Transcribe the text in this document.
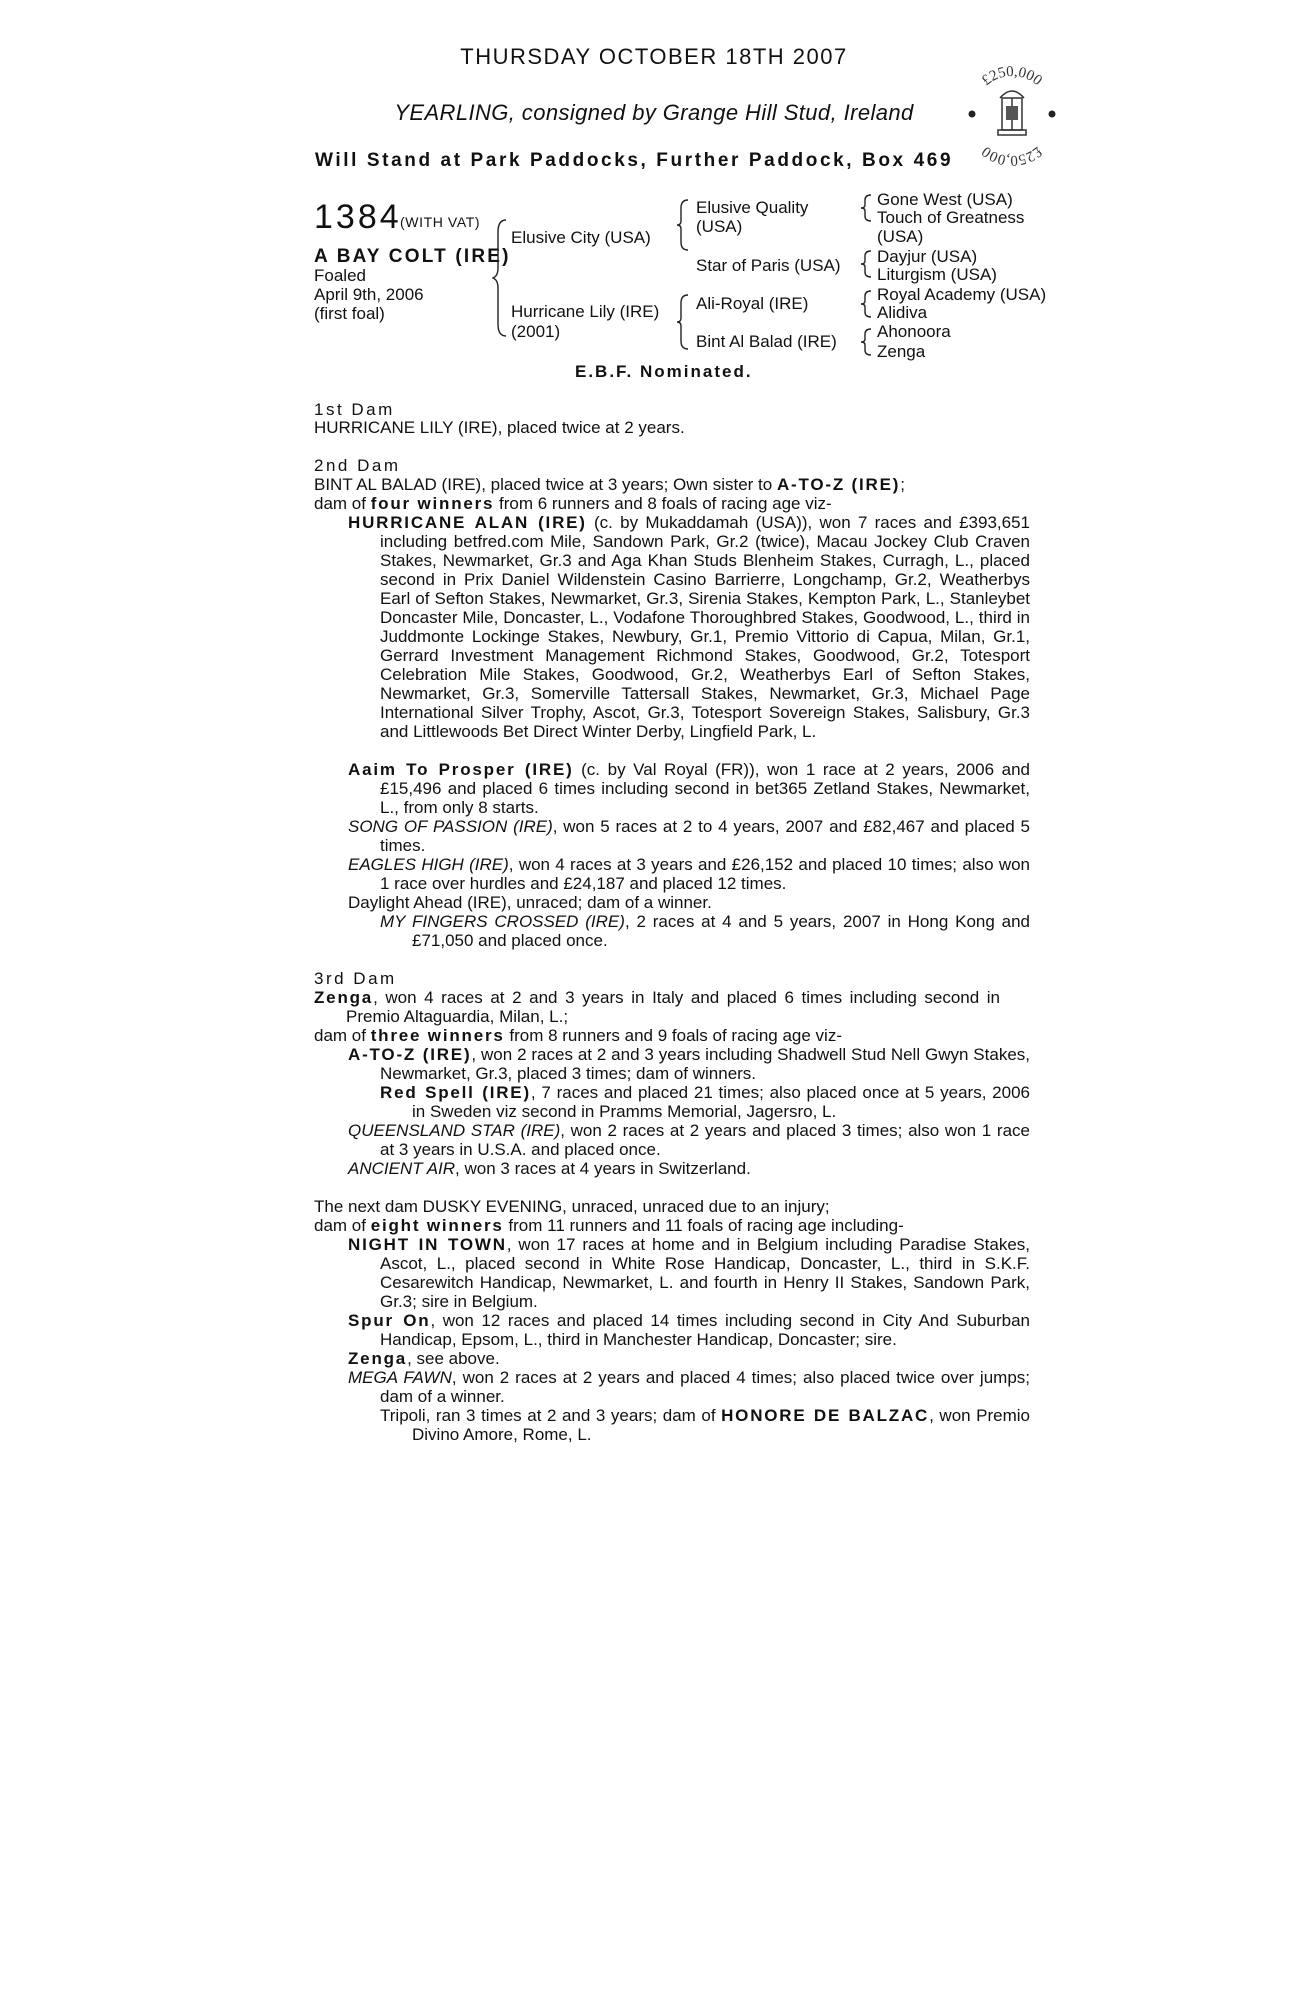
THURSDAY OCTOBER 18TH 2007
YEARLING, consigned by Grange Hill Stud, Ireland
Will Stand at Park Paddocks, Further Paddock, Box 469
£250,000
£250,000
1384
(WITH VAT)
A BAY COLT (IRE)
Foaled
April 9th, 2006
(first foal)
Elusive City (USA)
Hurricane Lily (IRE)
(2001)
Elusive Quality
(USA)
Star of Paris (USA)
Ali-Royal (IRE)
Bint Al Balad (IRE)
Gone West (USA)
Touch of Greatness
(USA)
Dayjur (USA)
Liturgism (USA)
Royal Academy (USA)
Alidiva
Ahonoora
Zenga
E.B.F. Nominated.
1st Dam
HURRICANE LILY (IRE), placed twice at 2 years.
2nd Dam
BINT AL BALAD (IRE), placed twice at 3 years; Own sister to A-TO-Z (IRE);
dam of four winners from 6 runners and 8 foals of racing age viz-
HURRICANE ALAN (IRE) (c. by Mukaddamah (USA)), won 7 races and £393,651 including betfred.com Mile, Sandown Park, Gr.2 (twice), Macau Jockey Club Craven Stakes, Newmarket, Gr.3 and Aga Khan Studs Blenheim Stakes, Curragh, L., placed second in Prix Daniel Wildenstein Casino Barrierre, Longchamp, Gr.2, Weatherbys Earl of Sefton Stakes, Newmarket, Gr.3, Sirenia Stakes, Kempton Park, L., Stanleybet Doncaster Mile, Doncaster, L., Vodafone Thoroughbred Stakes, Goodwood, L., third in Juddmonte Lockinge Stakes, Newbury, Gr.1, Premio Vittorio di Capua, Milan, Gr.1, Gerrard Investment Management Richmond Stakes, Goodwood, Gr.2, Totesport Celebration Mile Stakes, Goodwood, Gr.2, Weatherbys Earl of Sefton Stakes, Newmarket, Gr.3, Somerville Tattersall Stakes, Newmarket, Gr.3, Michael Page International Silver Trophy, Ascot, Gr.3, Totesport Sovereign Stakes, Salisbury, Gr.3 and Littlewoods Bet Direct Winter Derby, Lingfield Park, L.
Aaim To Prosper (IRE) (c. by Val Royal (FR)), won 1 race at 2 years, 2006 and £15,496 and placed 6 times including second in bet365 Zetland Stakes, Newmarket, L., from only 8 starts.
SONG OF PASSION (IRE), won 5 races at 2 to 4 years, 2007 and £82,467 and placed 5 times.
EAGLES HIGH (IRE), won 4 races at 3 years and £26,152 and placed 10 times; also won 1 race over hurdles and £24,187 and placed 12 times.
Daylight Ahead (IRE), unraced; dam of a winner.
MY FINGERS CROSSED (IRE), 2 races at 4 and 5 years, 2007 in Hong Kong and £71,050 and placed once.
3rd Dam
Zenga, won 4 races at 2 and 3 years in Italy and placed 6 times including second in Premio Altaguardia, Milan, L.;
dam of three winners from 8 runners and 9 foals of racing age viz-
A-TO-Z (IRE), won 2 races at 2 and 3 years including Shadwell Stud Nell Gwyn Stakes, Newmarket, Gr.3, placed 3 times; dam of winners.
Red Spell (IRE), 7 races and placed 21 times; also placed once at 5 years, 2006 in Sweden viz second in Pramms Memorial, Jagersro, L.
QUEENSLAND STAR (IRE), won 2 races at 2 years and placed 3 times; also won 1 race at 3 years in U.S.A. and placed once.
ANCIENT AIR, won 3 races at 4 years in Switzerland.
The next dam DUSKY EVENING, unraced, unraced due to an injury;
dam of eight winners from 11 runners and 11 foals of racing age including-
NIGHT IN TOWN, won 17 races at home and in Belgium including Paradise Stakes, Ascot, L., placed second in White Rose Handicap, Doncaster, L., third in S.K.F. Cesarewitch Handicap, Newmarket, L. and fourth in Henry II Stakes, Sandown Park, Gr.3; sire in Belgium.
Spur On, won 12 races and placed 14 times including second in City And Suburban Handicap, Epsom, L., third in Manchester Handicap, Doncaster; sire.
Zenga, see above.
MEGA FAWN, won 2 races at 2 years and placed 4 times; also placed twice over jumps; dam of a winner.
Tripoli, ran 3 times at 2 and 3 years; dam of HONORE DE BALZAC, won Premio Divino Amore, Rome, L.
